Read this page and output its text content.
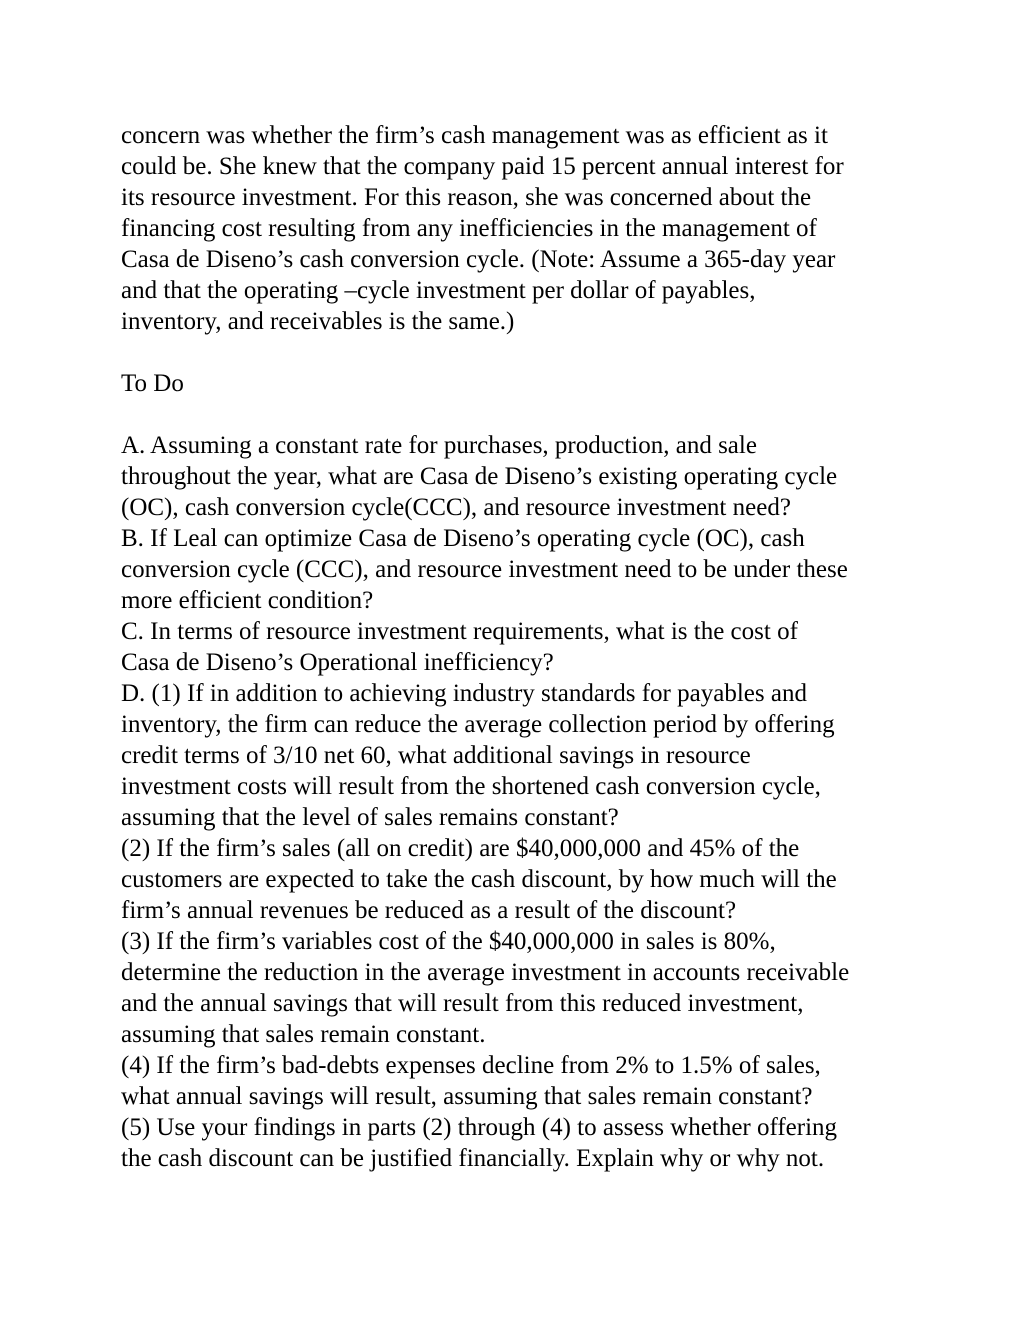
concern was whether the firm’s cash management was as efficient as it
could be. She knew that the company paid 15 percent annual interest for
its resource investment. For this reason, she was concerned about the
financing cost resulting from any inefficiencies in the management of
Casa de Diseno’s cash conversion cycle. (Note: Assume a 365-day year
and that the operating –cycle investment per dollar of payables,
inventory, and receivables is the same.)
To Do
A. Assuming a constant rate for purchases, production, and sale
throughout the year, what are Casa de Diseno’s existing operating cycle
(OC), cash conversion cycle(CCC), and resource investment need?
B. If Leal can optimize Casa de Diseno’s operating cycle (OC), cash
conversion cycle (CCC), and resource investment need to be under these
more efficient condition?
C. In terms of resource investment requirements, what is the cost of
Casa de Diseno’s Operational inefficiency?
D. (1) If in addition to achieving industry standards for payables and
inventory, the firm can reduce the average collection period by offering
credit terms of 3/10 net 60, what additional savings in resource
investment costs will result from the shortened cash conversion cycle,
assuming that the level of sales remains constant?
(2) If the firm’s sales (all on credit) are $40,000,000 and 45% of the
customers are expected to take the cash discount, by how much will the
firm’s annual revenues be reduced as a result of the discount?
(3) If the firm’s variables cost of the $40,000,000 in sales is 80%,
determine the reduction in the average investment in accounts receivable
and the annual savings that will result from this reduced investment,
assuming that sales remain constant.
(4) If the firm’s bad-debts expenses decline from 2% to 1.5% of sales,
what annual savings will result, assuming that sales remain constant?
(5) Use your findings in parts (2) through (4) to assess whether offering
the cash discount can be justified financially. Explain why or why not.
